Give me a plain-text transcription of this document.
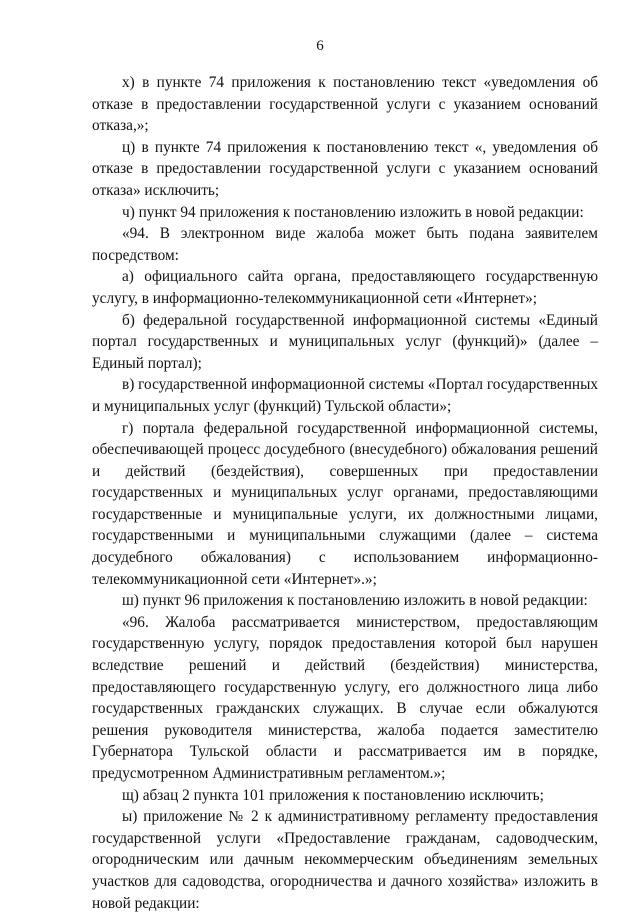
6

х) в пункте 74 приложения к постановлению текст «уведомления об отказе в предоставлении государственной услуги с указанием оснований отказа,»;

ц) в пункте 74 приложения к постановлению текст «, уведомления об отказе в предоставлении государственной услуги с указанием оснований отказа» исключить;

ч) пункт 94 приложения к постановлению изложить в новой редакции:

«94. В электронном виде жалоба может быть подана заявителем посредством:

а) официального сайта органа, предоставляющего государственную услугу, в информационно-телекоммуникационной сети «Интернет»;

б) федеральной государственной информационной системы «Единый портал государственных и муниципальных услуг (функций)» (далее – Единый портал);

в) государственной информационной системы «Портал государственных и муниципальных услуг (функций) Тульской области»;

г) портала федеральной государственной информационной системы, обеспечивающей процесс досудебного (внесудебного) обжалования решений и действий (бездействия), совершенных при предоставлении государственных и муниципальных услуг органами, предоставляющими государственные и муниципальные услуги, их должностными лицами, государственными и муниципальными служащими (далее – система досудебного обжалования) с использованием информационно-телекоммуникационной сети «Интернет».»;

ш) пункт 96 приложения к постановлению изложить в новой редакции:

«96. Жалоба рассматривается министерством, предоставляющим государственную услугу, порядок предоставления которой был нарушен вследствие решений и действий (бездействия) министерства, предоставляющего государственную услугу, его должностного лица либо государственных гражданских служащих. В случае если обжалуются решения руководителя министерства, жалоба подается заместителю Губернатора Тульской области и рассматривается им в порядке, предусмотренном Административным регламентом.»;

щ) абзац 2 пункта 101 приложения к постановлению исключить;

ы) приложение № 2 к административному регламенту предоставления государственной услуги «Предоставление гражданам, садоводческим, огородническим или дачным некоммерческим объединениям земельных участков для садоводства, огородничества и дачного хозяйства» изложить в новой редакции:
